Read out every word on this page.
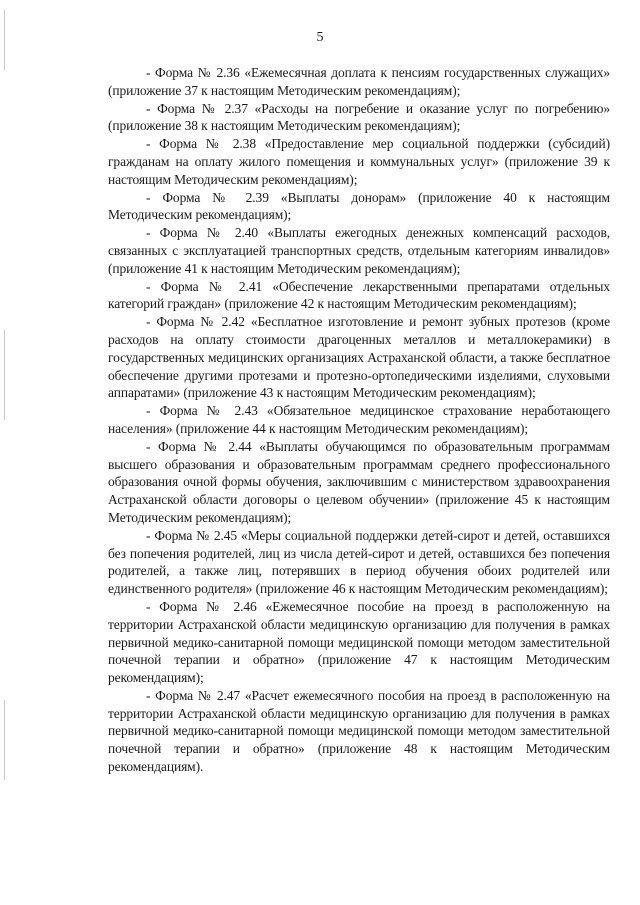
5

- Форма № 2.36 «Ежемесячная доплата к пенсиям государственных служащих» (приложение 37 к настоящим Методическим рекомендациям);

- Форма № 2.37 «Расходы на погребение и оказание услуг по погребению» (приложение 38 к настоящим Методическим рекомендациям);

- Форма № 2.38 «Предоставление мер социальной поддержки (субсидий) гражданам на оплату жилого помещения и коммунальных услуг» (приложение 39 к настоящим Методическим рекомендациям);

- Форма № 2.39 «Выплаты донорам» (приложение 40 к настоящим Методическим рекомендациям);

- Форма № 2.40 «Выплаты ежегодных денежных компенсаций расходов, связанных с эксплуатацией транспортных средств, отдельным категориям инвалидов» (приложение 41 к настоящим Методическим рекомендациям);

- Форма № 2.41 «Обеспечение лекарственными препаратами отдельных категорий граждан» (приложение 42 к настоящим Методическим рекомендациям);

- Форма № 2.42 «Бесплатное изготовление и ремонт зубных протезов (кроме расходов на оплату стоимости драгоценных металлов и металлокерамики) в государственных медицинских организациях Астраханской области, а также бесплатное обеспечение другими протезами и протезно-ортопедическими изделиями, слуховыми аппаратами» (приложение 43 к настоящим Методическим рекомендациям);

- Форма № 2.43 «Обязательное медицинское страхование неработающего населения» (приложение 44 к настоящим Методическим рекомендациям);

- Форма № 2.44 «Выплаты обучающимся по образовательным программам высшего образования и образовательным программам среднего профессионального образования очной формы обучения, заключившим с министерством здравоохранения Астраханской области договоры о целевом обучении» (приложение 45 к настоящим Методическим рекомендациям);

- Форма № 2.45 «Меры социальной поддержки детей-сирот и детей, оставшихся без попечения родителей, лиц из числа детей-сирот и детей, оставшихся без попечения родителей, а также лиц, потерявших в период обучения обоих родителей или единственного родителя» (приложение 46 к настоящим Методическим рекомендациям);

- Форма № 2.46 «Ежемесячное пособие на проезд в расположенную на территории Астраханской области медицинскую организацию для получения в рамках первичной медико-санитарной помощи медицинской помощи методом заместительной почечной терапии и обратно» (приложение 47 к настоящим Методическим рекомендациям);

- Форма № 2.47 «Расчет ежемесячного пособия на проезд в расположенную на территории Астраханской области медицинскую организацию для получения в рамках первичной медико-санитарной помощи медицинской помощи методом заместительной почечной терапии и обратно» (приложение 48 к настоящим Методическим рекомендациям).
